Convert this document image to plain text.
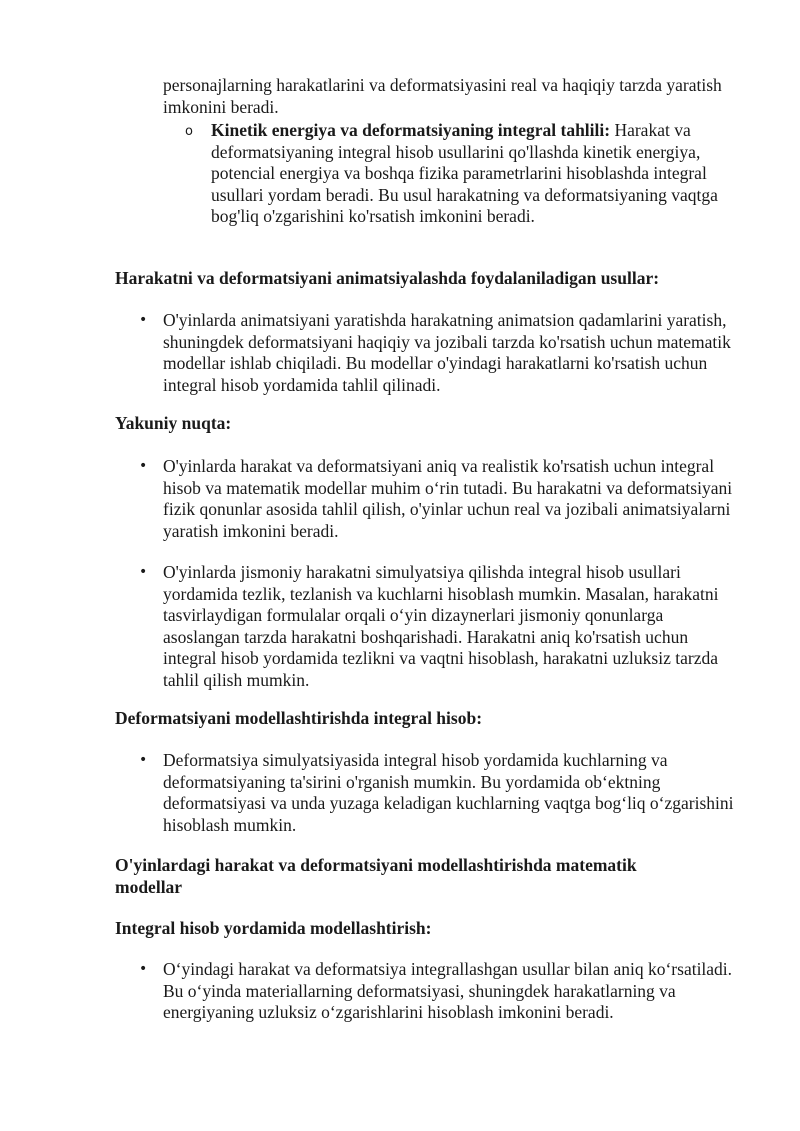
personajlarning harakatlarini va deformatsiyasini real va haqiqiy tarzda yaratish imkonini beradi.

o Kinetik energiya va deformatsiyaning integral tahlili: Harakat va deformatsiyaning integral hisob usullarini qo'llashda kinetik energiya, potencial energiya va boshqa fizika parametrlarini hisoblashda integral usullari yordam beradi. Bu usul harakatning va deformatsiyaning vaqtga bog'liq o'zgarishini ko'rsatish imkonini beradi.

Harakatni va deformatsiyani animatsiyalashda foydalaniladigan usullar:
• O'yinlarda animatsiyani yaratishda harakatning animatsion qadamlarini yaratish, shuningdek deformatsiyani haqiqiy va jozibali tarzda ko'rsatish uchun matematik modellar ishlab chiqiladi. Bu modellar o'yindagi harakatlarni ko'rsatish uchun integral hisob yordamida tahlil qilinadi.

Yakuniy nuqta:
• O'yinlarda harakat va deformatsiyani aniq va realistik ko'rsatish uchun integral hisob va matematik modellar muhim oʻrin tutadi. Bu harakatni va deformatsiyani fizik qonunlar asosida tahlil qilish, o'yinlar uchun real va jozibali animatsiyalarni yaratish imkonini beradi.

• O'yinlarda jismoniy harakatni simulyatsiya qilishda integral hisob usullari yordamida tezlik, tezlanish va kuchlarni hisoblash mumkin. Masalan, harakatni tasvirlaydigan formulalar orqali oʻyin dizaynerlari jismoniy qonunlarga asoslangan tarzda harakatni boshqarishadi. Harakatni aniq ko'rsatish uchun integral hisob yordamida tezlikni va vaqtni hisoblash, harakatni uzluksiz tarzda tahlil qilish mumkin.

Deformatsiyani modellashtirishda integral hisob:
• Deformatsiya simulyatsiyasida integral hisob yordamida kuchlarning va deformatsiyaning ta'sirini o'rganish mumkin. Bu yordamida obʻektning deformatsiyasi va unda yuzaga keladigan kuchlarning vaqtga bogʻliq oʻzgarishini hisoblash mumkin.

O'yinlardagi harakat va deformatsiyani modellashtirishda matematik modellar
Integral hisob yordamida modellashtirish:
• Oʻyindagi harakat va deformatsiya integrallashgan usullar bilan aniq koʻrsatiladi. Bu oʻyinda materiallarning deformatsiyasi, shuningdek harakatlarning va energiyaning uzluksiz oʻzgarishlarini hisoblash imkonini beradi.
